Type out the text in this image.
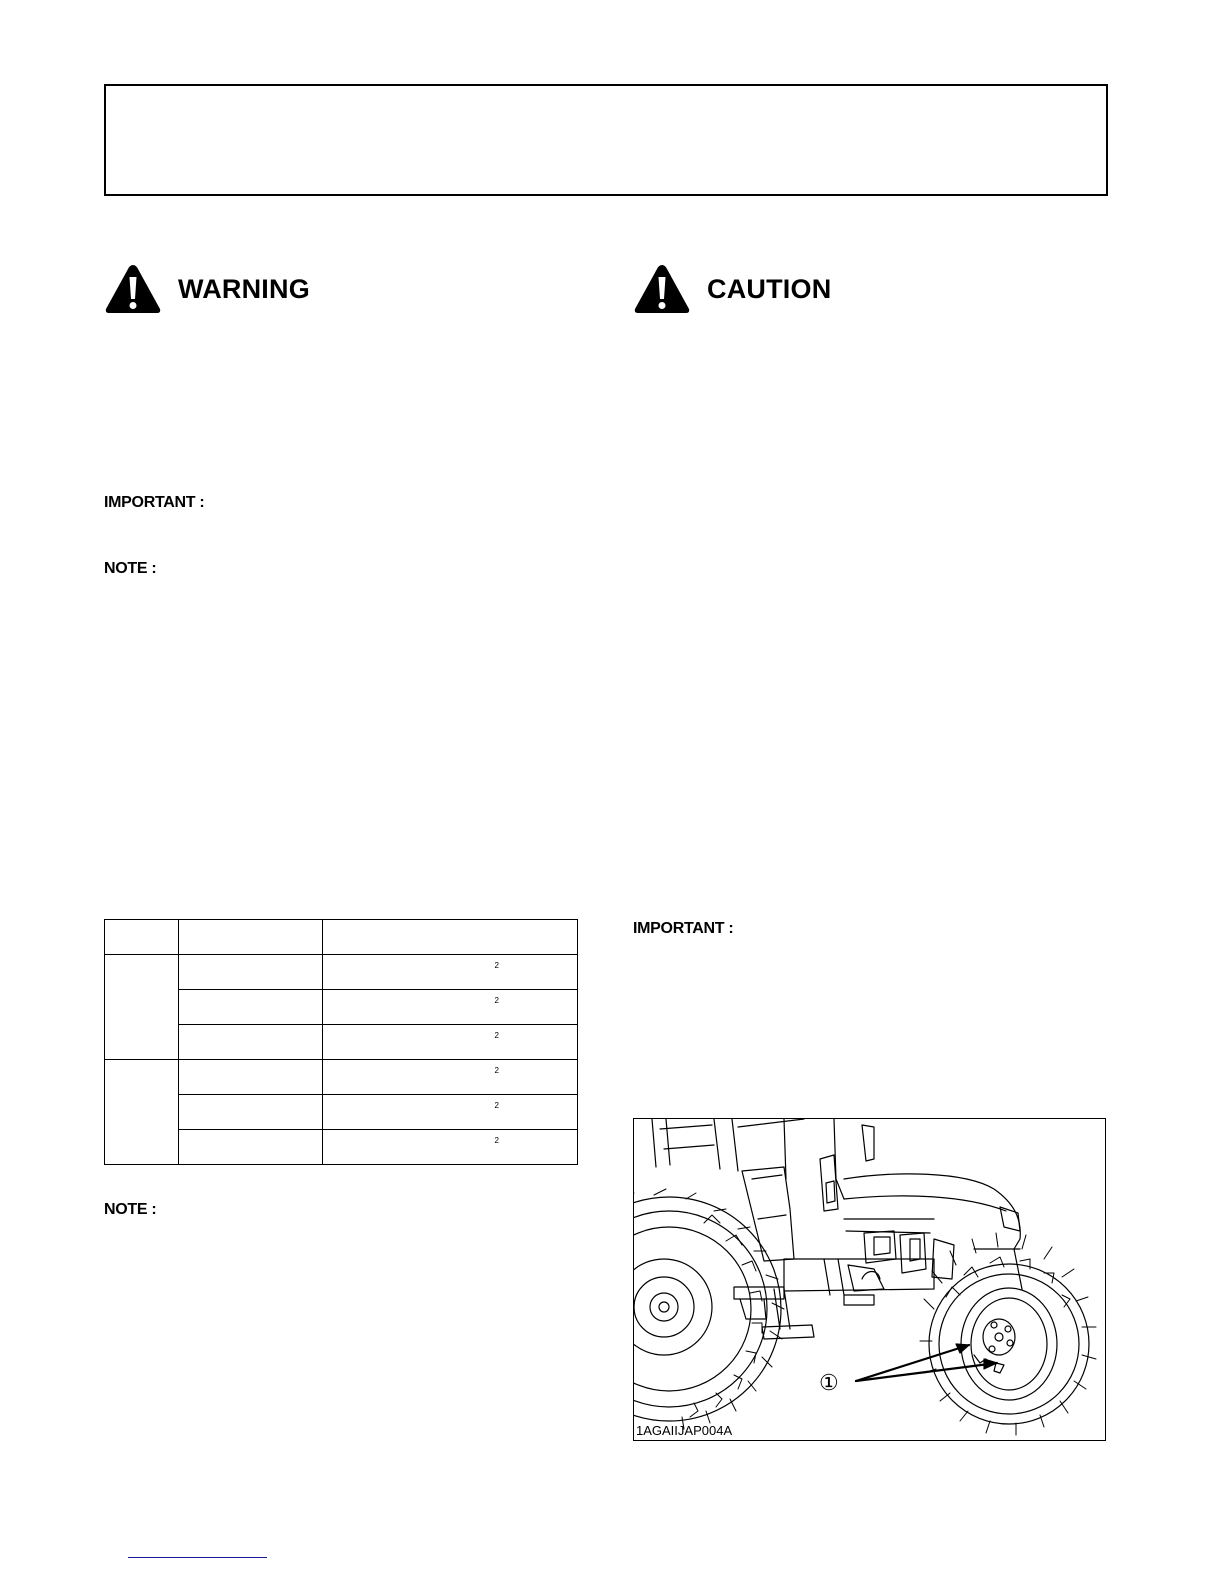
WARNING	CAUTION
IMPORTANT :
NOTE :

		2

		2

		2

		2

		2

		2
NOTE :
IMPORTANT :
①
1AGAIIJAP004A
